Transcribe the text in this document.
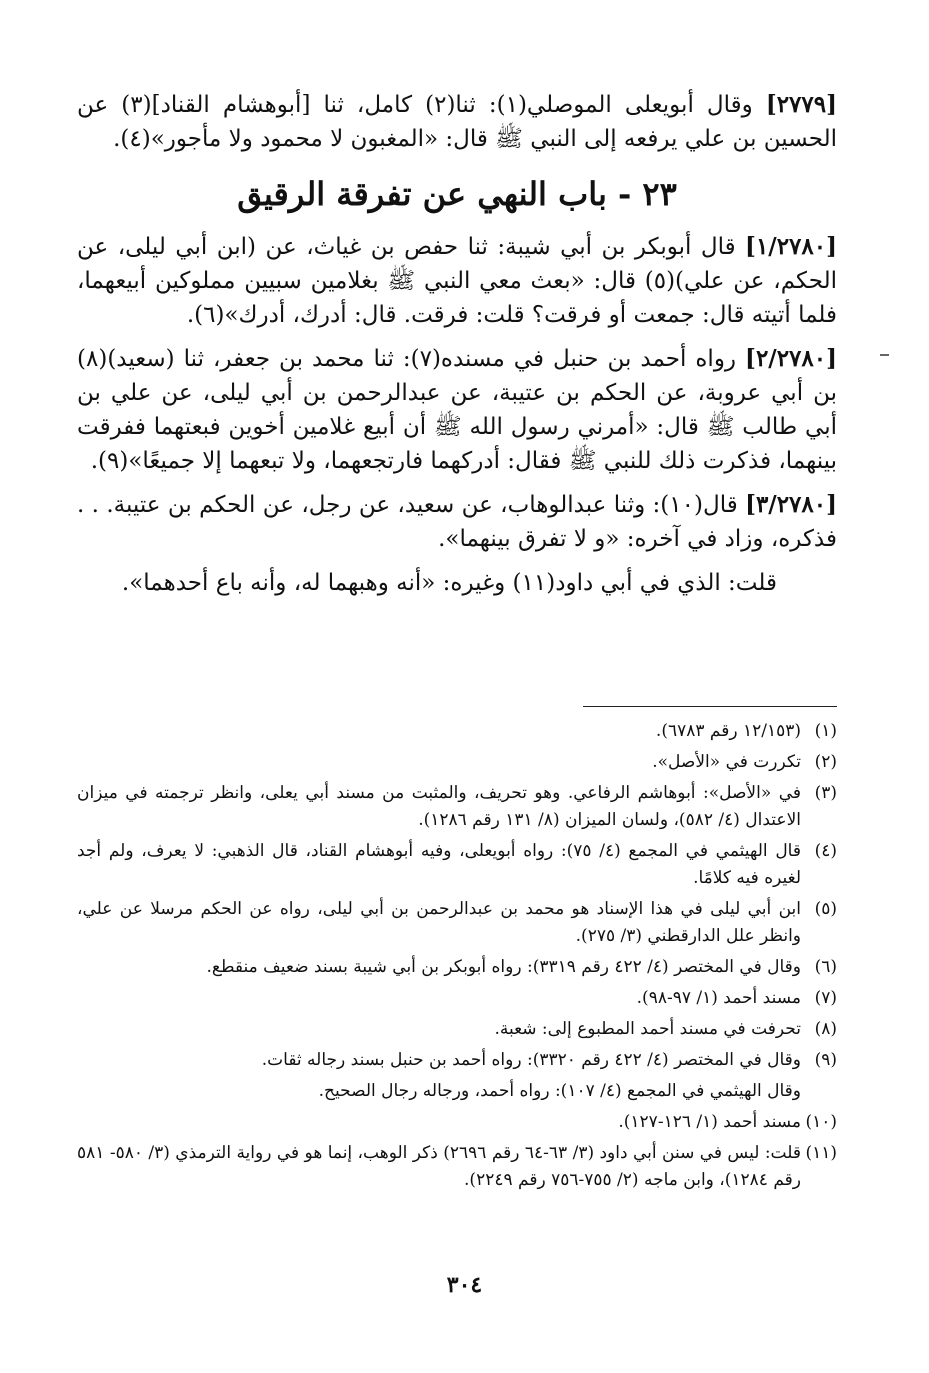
[٢٧٧٩] وقال أبويعلى الموصلي(١): ثنا(٢) كامل، ثنا [أبوهشام القناد](٣) عن الحسين بن علي يرفعه إلى النبي ﷺ قال: «المغبون لا محمود ولا مأجور»(٤).

٢٣ - باب النهي عن تفرقة الرقيق

[١/٢٧٨٠] قال أبوبكر بن أبي شيبة: ثنا حفص بن غياث، عن (ابن أبي ليلى، عن الحكم، عن علي)(٥) قال: «بعث معي النبي ﷺ بغلامين سبيين مملوكين أبيعهما، فلما أتيته قال: جمعت أو فرقت؟ قلت: فرقت. قال: أدرك، أدرك»(٦).

[٢/٢٧٨٠] رواه أحمد بن حنبل في مسنده(٧): ثنا محمد بن جعفر، ثنا (سعيد)(٨) بن أبي عروبة، عن الحكم بن عتيبة، عن عبدالرحمن بن أبي ليلى، عن علي بن أبي طالب ﷺ قال: «أمرني رسول الله ﷺ أن أبيع غلامين أخوين فبعتهما ففرقت بينهما، فذكرت ذلك للنبي ﷺ فقال: أدركهما فارتجعهما، ولا تبعهما إلا جميعًا»(٩).

[٣/٢٧٨٠] قال(١٠): وثنا عبدالوهاب، عن سعيد، عن رجل، عن الحكم بن عتيبة. . . فذكره، وزاد في آخره: «و لا تفرق بينهما».

قلت: الذي في أبي داود(١١) وغيره: «أنه وهبهما له، وأنه باع أحدهما».

(١)
(١٢/١٥٣ رقم ٦٧٨٣).
(٢)
تكررت في «الأصل».
(٣)
في «الأصل»: أبوهاشم الرفاعي. وهو تحريف، والمثبت من مسند أبي يعلى، وانظر ترجمته في ميزان الاعتدال (٤/ ٥٨٢)، ولسان الميزان (٨/ ١٣١ رقم ١٢٨٦).
(٤)
قال الهيثمي في المجمع (٤/ ٧٥): رواه أبويعلى، وفيه أبوهشام القناد، قال الذهبي: لا يعرف، ولم أجد لغيره فيه كلامًا.
(٥)
ابن أبي ليلى في هذا الإسناد هو محمد بن عبدالرحمن بن أبي ليلى، رواه عن الحكم مرسلا عن علي، وانظر علل الدارقطني (٣/ ٢٧٥).
(٦)
وقال في المختصر (٤/ ٤٢٢ رقم ٣٣١٩): رواه أبوبكر بن أبي شيبة بسند ضعيف منقطع.
(٧)
مسند أحمد (١/ ٩٧-٩٨).
(٨)
تحرفت في مسند أحمد المطبوع إلى: شعبة.
(٩)
وقال في المختصر (٤/ ٤٢٢ رقم ٣٣٢٠): رواه أحمد بن حنبل بسند رجاله ثقات.
وقال الهيثمي في المجمع (٤/ ١٠٧): رواه أحمد، ورجاله رجال الصحيح.
(١٠)
مسند أحمد (١/ ١٢٦-١٢٧).
(١١)
قلت: ليس في سنن أبي داود (٣/ ٦٣-٦٤ رقم ٢٦٩٦) ذكر الوهب، إنما هو في رواية الترمذي (٣/ ٥٨٠- ٥٨١ رقم ١٢٨٤)، وابن ماجه (٢/ ٧٥٥-٧٥٦ رقم ٢٢٤٩).
٣٠٤
